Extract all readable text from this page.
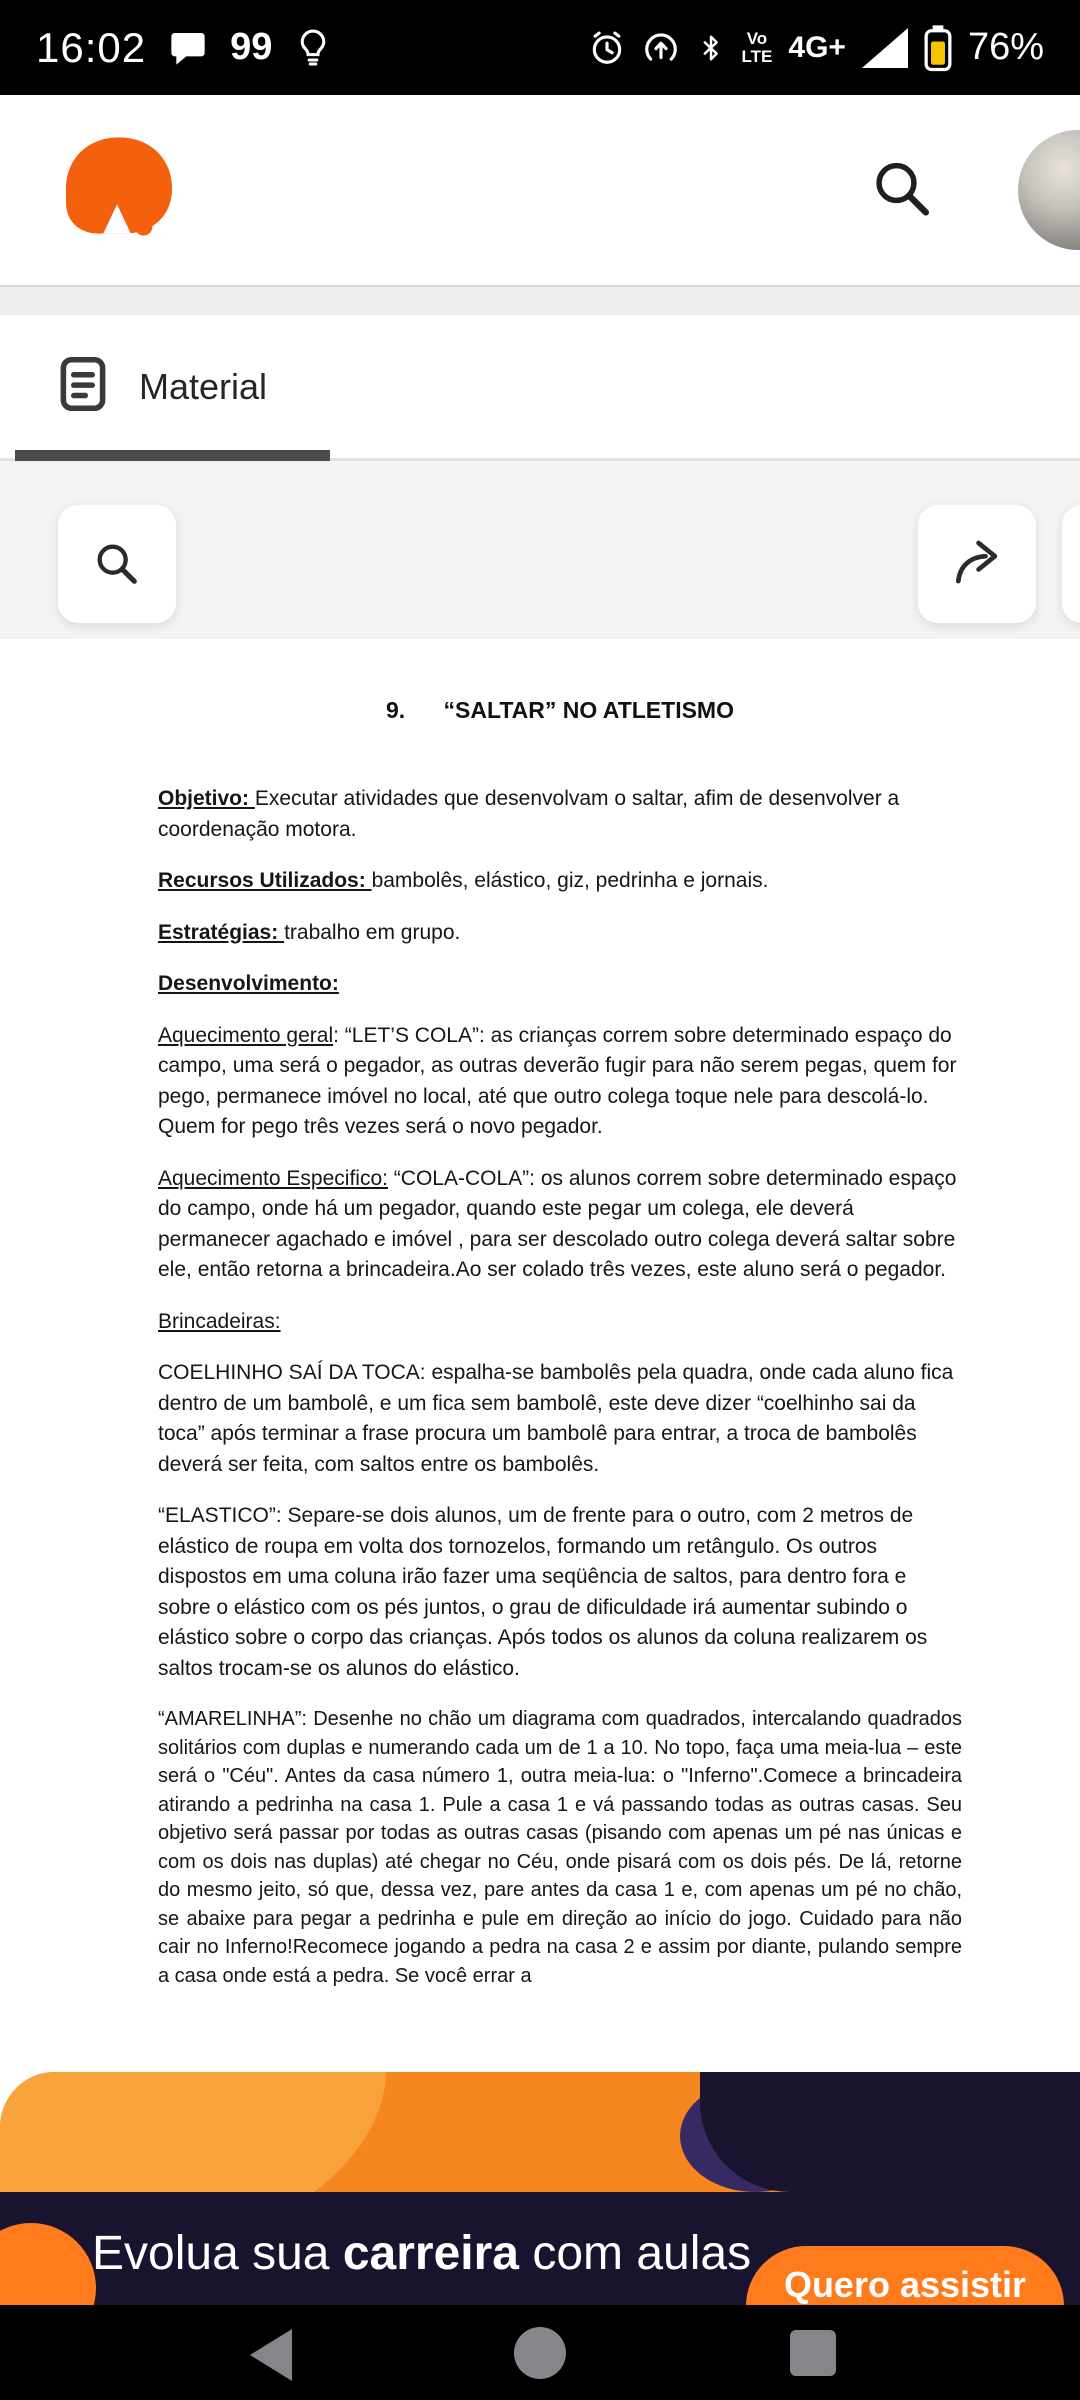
16:02 99	Vo
LTE 4G+	76%
Material
9.      “SALTAR” NO ATLETISMO

Objetivo: Executar atividades que desenvolvam o saltar, afim de desenvolver a coordenação motora.

Recursos Utilizados: bambolês, elástico, giz, pedrinha e jornais.

Estratégias: trabalho em grupo.

Desenvolvimento:

Aquecimento geral: “LET’S COLA”: as crianças correm sobre determinado espaço do campo, uma será o pegador, as outras deverão fugir para não serem pegas, quem for pego, permanece imóvel no local, até que outro colega toque nele para descolá-lo. Quem for pego três vezes será o novo pegador.

Aquecimento Especifico: “COLA-COLA”: os alunos correm sobre determinado espaço do campo, onde há um pegador, quando este pegar um colega, ele deverá permanecer agachado e imóvel , para ser descolado outro colega deverá saltar sobre ele, então retorna a brincadeira.Ao ser colado três vezes, este aluno será o pegador.

Brincadeiras:

COELHINHO SAÍ DA TOCA: espalha-se bambolês pela quadra, onde cada aluno fica dentro de um bambolê, e um fica sem bambolê, este deve dizer “coelhinho sai da toca” após terminar a frase procura um bambolê para entrar, a troca de bambolês deverá ser feita, com saltos entre os bambolês.

“ELASTICO”: Separe-se dois alunos, um de frente para o outro, com 2 metros de elástico de roupa em volta dos tornozelos, formando um retângulo. Os outros dispostos em uma coluna irão fazer uma seqüência de saltos, para dentro fora e sobre o elástico com os pés juntos, o grau de dificuldade irá aumentar subindo o elástico sobre o corpo das crianças. Após todos os alunos da coluna realizarem os saltos trocam-se os alunos do elástico.

“AMARELINHA”: Desenhe no chão um diagrama com quadrados, intercalando quadrados solitários com duplas e numerando cada um de 1 a 10. No topo, faça uma meia-lua – este será o "Céu". Antes da casa número 1, outra meia-lua: o "Inferno".Comece a brincadeira atirando a pedrinha na casa 1. Pule a casa 1 e vá passando todas as outras casas. Seu objetivo será passar por todas as outras casas (pisando com apenas um pé nas únicas e com os dois nas duplas) até chegar no Céu, onde pisará com os dois pés. De lá, retorne do mesmo jeito, só que, dessa vez, pare antes da casa 1 e, com apenas um pé no chão, se abaixe para pegar a pedrinha e pule em direção ao início do jogo. Cuidado para não cair no Inferno!Recomece jogando a pedra na casa 2 e assim por diante, pulando sempre a casa onde está a pedra. Se você errar a

Evolua sua carreira com aulas

Quero assistir
